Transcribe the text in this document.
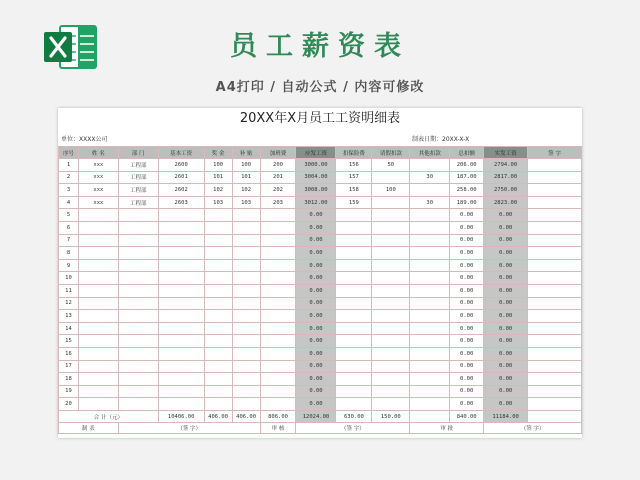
员工薪资表
A4打印 / 自动公式 / 内容可修改
20XX年X月员工工资明细表
单位：XXXX公司	制表日期：20XX-X-X
序号	姓 名	部 门	基本工资	奖 金	补 贴	加班费	应发工资	扣保险费	请假扣款	其他扣款	总扣额	实发工资	签 字
1	xxx	工程部	2600	100	100	200	3000.00	156	50		206.00	2794.00	
2	xxx	工程部	2601	101	101	201	3004.00	157		30	187.00	2817.00	
3	xxx	工程部	2602	102	102	202	3008.00	158	100		258.00	2750.00	
4	xxx	工程部	2603	103	103	203	3012.00	159		30	189.00	2823.00	
5							0.00				0.00	0.00	
6							0.00				0.00	0.00	
7							0.00				0.00	0.00	
8							0.00				0.00	0.00	
9							0.00				0.00	0.00	
10							0.00				0.00	0.00	
11							0.00				0.00	0.00	
12							0.00				0.00	0.00	
13							0.00				0.00	0.00	
14							0.00				0.00	0.00	
15							0.00				0.00	0.00	
16							0.00				0.00	0.00	
17							0.00				0.00	0.00	
18							0.00				0.00	0.00	
19							0.00				0.00	0.00	
20							0.00				0.00	0.00	
合 计（元）			10406.00	406.00	406.00	806.00	12024.00	630.00	150.00		840.00	11184.00	
制 表		（签 字）				审 核	（签 字）			审 批		（签 字）	
